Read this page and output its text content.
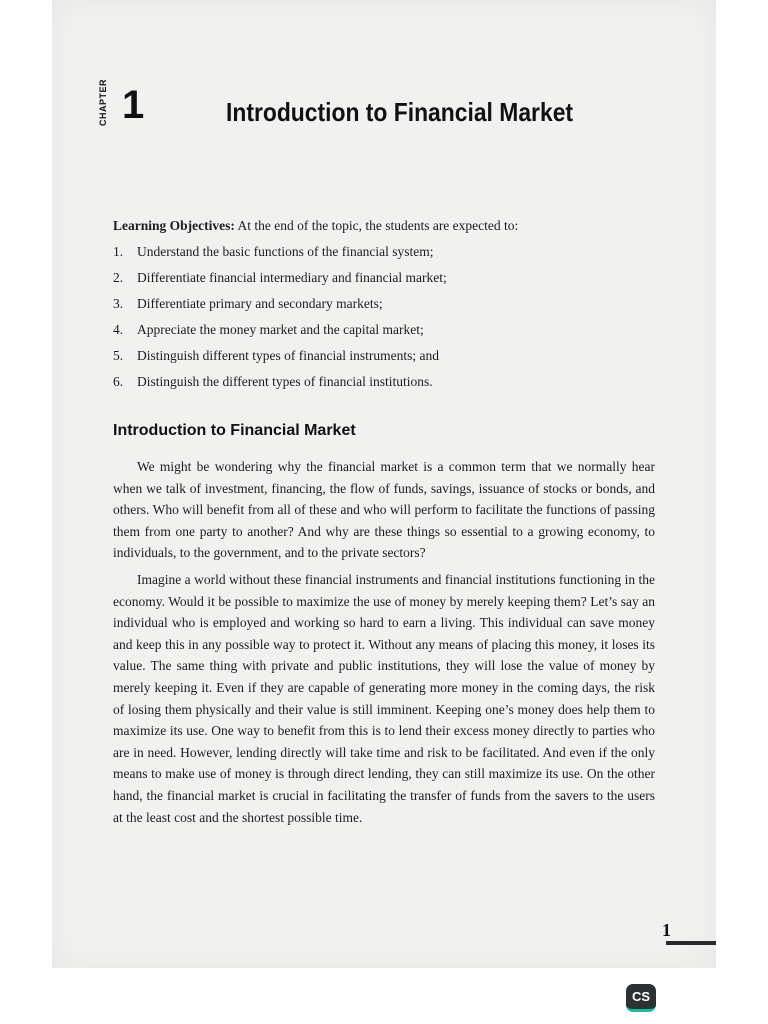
CHAPTER 1	Introduction to Financial Market

Learning Objectives: At the end of the topic, the students are expected to:

1.	Understand the basic functions of the financial system;
2.	Differentiate financial intermediary and financial market;
3.	Differentiate primary and secondary markets;
4.	Appreciate the money market and the capital market;
5.	Distinguish different types of financial instruments; and
6.	Distinguish the different types of financial institutions.
Introduction to Financial Market

We might be wondering why the financial market is a common term that we normally hear when we talk of investment, financing, the flow of funds, savings, issuance of stocks or bonds, and others. Who will benefit from all of these and who will perform to facilitate the functions of passing them from one party to another? And why are these things so essential to a growing economy, to individuals, to the government, and to the private sectors?

Imagine a world without these financial instruments and financial institutions functioning in the economy. Would it be possible to maximize the use of money by merely keeping them? Let’s say an individual who is employed and working so hard to earn a living. This individual can save money and keep this in any possible way to protect it. Without any means of placing this money, it loses its value. The same thing with private and public institutions, they will lose the value of money by merely keeping it. Even if they are capable of generating more money in the coming days, the risk of losing them physically and their value is still imminent. Keeping one’s money does help them to maximize its use. One way to benefit from this is to lend their excess money directly to parties who are in need. However, lending directly will take time and risk to be facilitated. And even if the only means to make use of money is through direct lending, they can still maximize its use. On the other hand, the financial market is crucial in facilitating the transfer of funds from the savers to the users at the least cost and the shortest possible time.

1
CS
